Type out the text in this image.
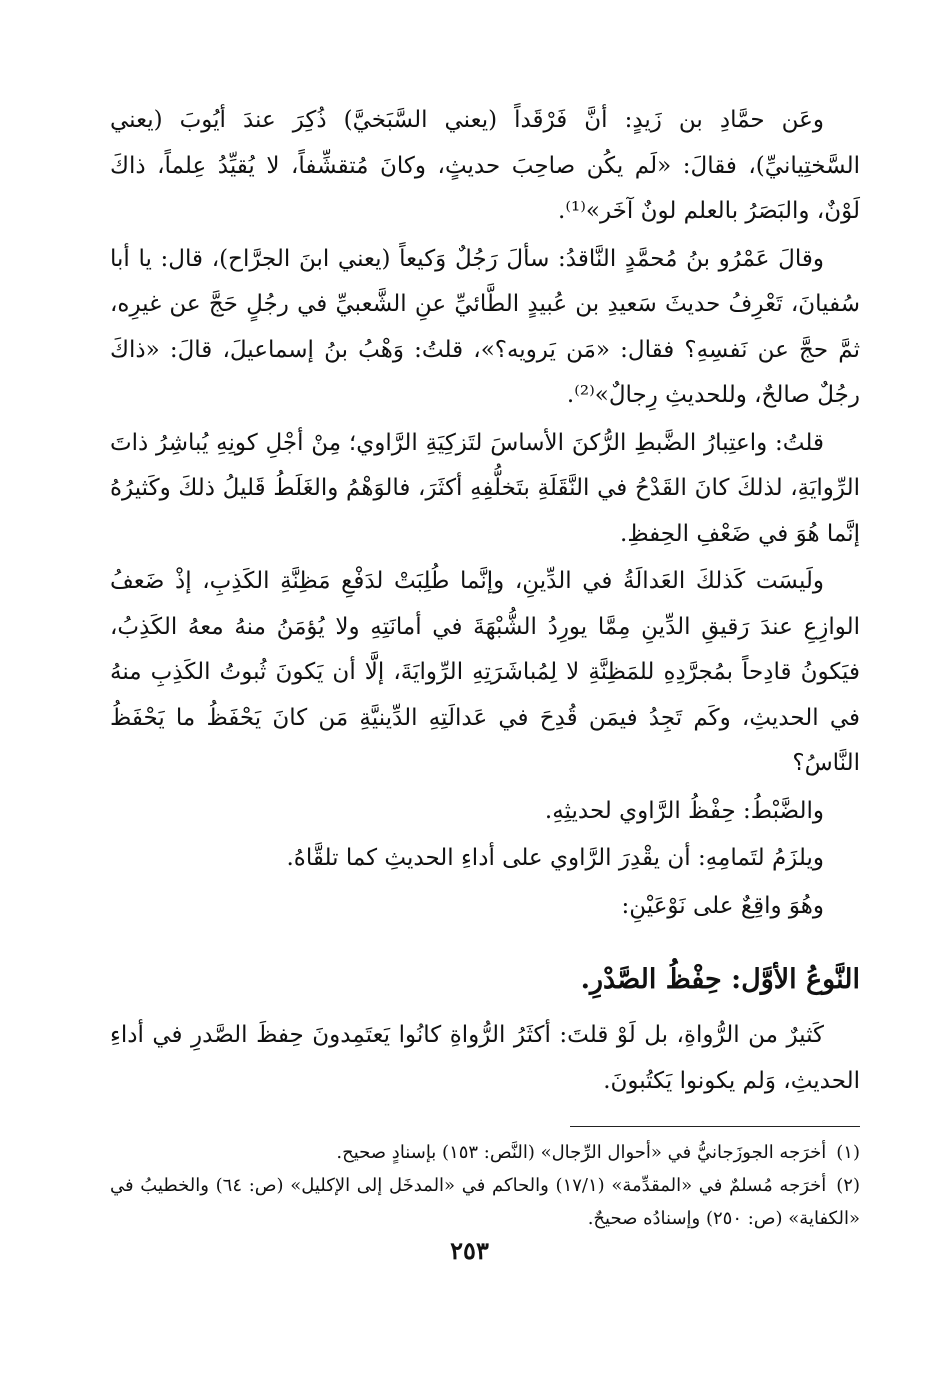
وعَن حمَّادِ بن زَيدٍ: أنَّ فَرْقَداً (يعني السَّبَخيَّ) ذُكِرَ عندَ أيُوبَ (يعني السَّختِيانيِّ)، فقالَ: «لَم يكُن صاحِبَ حديثٍ، وكانَ مُتقشِّفاً، لا يُقيِّدُ عِلماً، ذاكَ لَوْنٌ، والبَصَرُ بالعلم لونٌ آخَر»⁽¹⁾.

وقالَ عَمْرُو بنُ مُحمَّدٍ النَّاقدُ: سألَ رَجُلٌ وَكيعاً (يعني ابنَ الجرَّاح)، قال: يا أبا سُفيانَ، تَعْرِفُ حديثَ سَعيدِ بن عُبيدٍ الطَّائيِّ عنِ الشَّعبيِّ في رجُلٍ حَجَّ عن غيرِه، ثمَّ حجَّ عن نَفسِهِ؟ فقال: «مَن يَرويه؟»، قلتُ: وَهْبُ بنُ إسماعيلَ، قالَ: «ذاكَ رجُلٌ صالحٌ، وللحديثِ رِجالٌ»⁽²⁾.

قلتُ: واعتِبارُ الضَّبطِ الرُّكنَ الأساسَ لتَزكِيَةِ الرَّاوي؛ مِنْ أجْلِ كونِهِ يُباشِرُ ذاتَ الرِّوايَةِ، لذلكَ كانَ القَدْحُ في النَّقَلَةِ بتَخلُّفِهِ أكثَرَ، فالوَهْمُ والغَلَطُ قَليلُ ذلكَ وكَثيرُهُ إنَّما هُوَ في ضَعْفِ الحِفظِ.

ولَيسَت كَذلكَ العَدالَةُ في الدِّينِ، وإنَّما طُلِبَتْ لدَفْعِ مَظِنَّةِ الكَذِبِ، إذْ ضَعفُ الوازِعِ عندَ رَقيقِ الدِّينِ مِمَّا يورِدُ الشُّبْهَةَ في أمانَتِهِ ولا يُؤمَنُ منهُ معهُ الكَذِبُ، فيَكونُ قادِحاً بمُجرَّدِهِ للمَظِنَّةِ لا لِمُباشَرَتِهِ الرِّوايَةَ، إلَّا أن يَكونَ ثُبوتُ الكَذِبِ منهُ في الحديثِ، وكَم تَجِدُ فيمَن قُدِحَ في عَدالَتِهِ الدِّينيَّةِ مَن كانَ يَحْفَظُ ما يَحْفَظُ النَّاسُ؟

والضَّبْطُ: حِفْظُ الرَّاوي لحديثِهِ.

ويلزَمُ لتَمامِهِ: أن يقْدِرَ الرَّاوي على أداءِ الحديثِ كما تلقَّاهُ.

وهُوَ واقِعٌ على نَوْعَيْنِ:

النَّوعُ الأوَّل: حِفْظُ الصَّدْرِ.

كَثيرٌ من الرُّواةِ، بل لَوْ قلتَ: أكثَرُ الرُّواةِ كانُوا يَعتَمِدونَ حِفظَ الصَّدرِ في أداءِ الحديثِ، وَلم يكونوا يَكتُبونَ.

(١)أخرَجه الجوزَجانيُّ في «أحوال الرِّجال» (النَّص: ١٥٣) بإسنادٍ صحيح.

(٢)أخرَجه مُسلمٌ في «المقدِّمة» (١٧/١) والحاكم في «المدخَل إلى الإكليل» (ص: ٦٤) والخطيبُ في «الكفاية» (ص: ٢٥٠) وإسنادُه صحيحٌ.

٢٥٣
